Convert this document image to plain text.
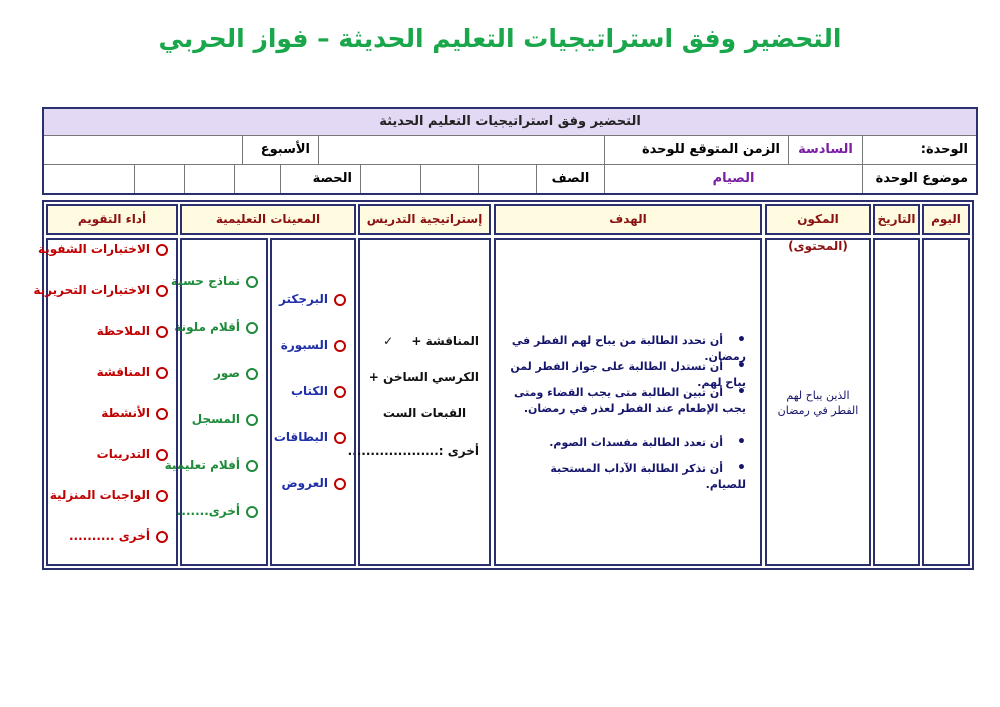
التحضير وفق استراتيجيات التعليم الحديثة – فواز الحربي
التحضير وفق استراتيجيات التعليم الحديثة
الوحدة:
السادسة
الزمن المتوقع للوحدة
الأسبوع
موضوع الوحدة
الصيام
الصف
الحصة
اليوم
التاريخ
المكون (المحتوى)
الذين يباح لهم الفطر في رمضان
الهدف
• أن تحدد الطالبة من يباح لهم الفطر في رمضان.
• أن تستدل الطالبة على جواز الفطر لمن يباح لهم.
• أن تبين الطالبة متى يجب القضاء ومتى يجب الإطعام عند الفطر لعذر في رمضان.
• أن تعدد الطالبة مفسدات الصوم.
• أن تذكر الطالبة الآداب المستحبة للصيام.
إستراتيجية التدريس
المناقشة + ✓
الكرسي الساخن +
القبعات الست
أخرى :....................
المعينات التعليمية
البرجكتر
السبورة
الكتاب
البطاقات
العروض
نماذج حسية
أقلام ملونة
صور
المسجل
أفلام تعليمية
أخرى.......
أداء التقويم
الاختبارات الشفوية
الاختبارات التحريرية
الملاحظة
المناقشة
الأنشطة
التدريبات
الواجبات المنزلية
أخرى ..........
